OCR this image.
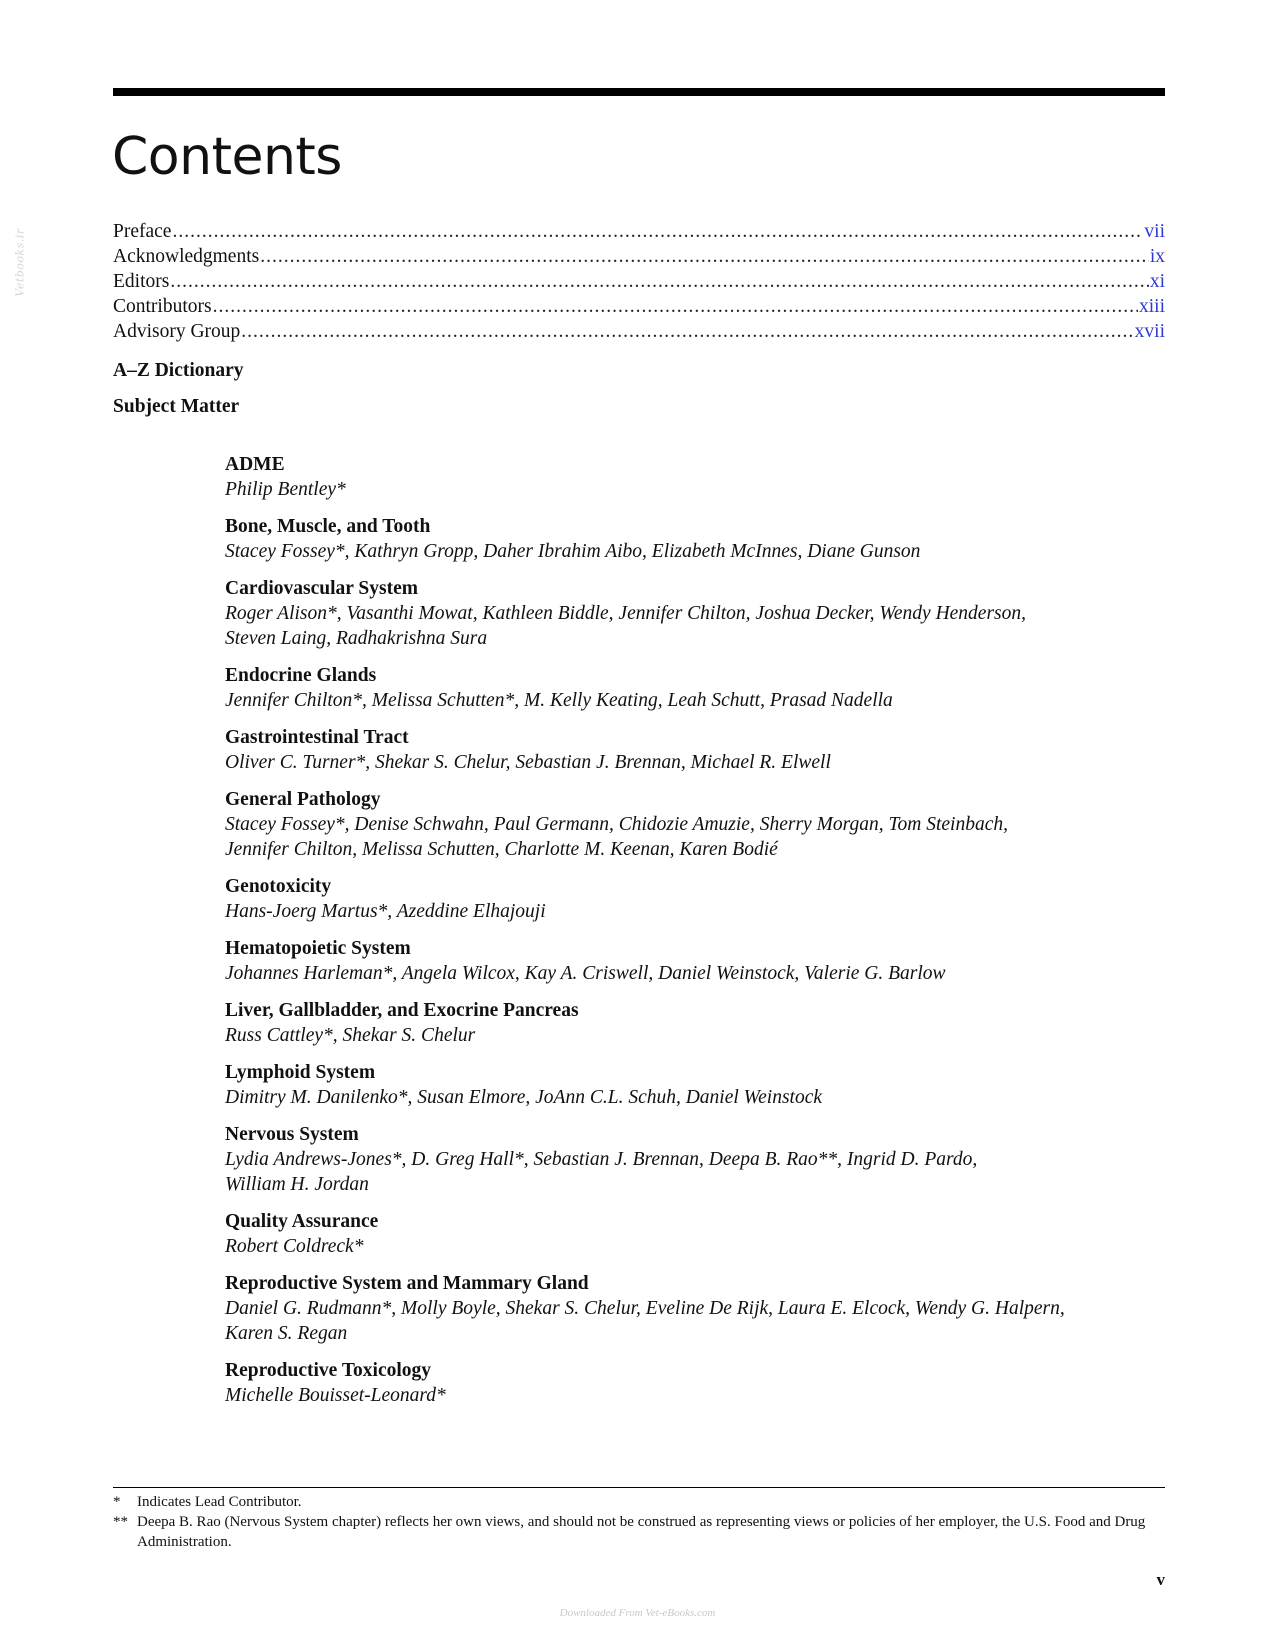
Vetbooks.ir
Contents
Preface .....	vii
Acknowledgments .....	ix
Editors .....	xi
Contributors .....	xiii
Advisory Group .....	xvii
A–Z Dictionary
Subject Matter
ADME
Philip Bentley*
Bone, Muscle, and Tooth
Stacey Fossey*, Kathryn Gropp, Daher Ibrahim Aibo, Elizabeth McInnes, Diane Gunson
Cardiovascular System
Roger Alison*, Vasanthi Mowat, Kathleen Biddle, Jennifer Chilton, Joshua Decker, Wendy Henderson, Steven Laing, Radhakrishna Sura
Endocrine Glands
Jennifer Chilton*, Melissa Schutten*, M. Kelly Keating, Leah Schutt, Prasad Nadella
Gastrointestinal Tract
Oliver C. Turner*, Shekar S. Chelur, Sebastian J. Brennan, Michael R. Elwell
General Pathology
Stacey Fossey*, Denise Schwahn, Paul Germann, Chidozie Amuzie, Sherry Morgan, Tom Steinbach, Jennifer Chilton, Melissa Schutten, Charlotte M. Keenan, Karen Bodié
Genotoxicity
Hans-Joerg Martus*, Azeddine Elhajouji
Hematopoietic System
Johannes Harleman*, Angela Wilcox, Kay A. Criswell, Daniel Weinstock, Valerie G. Barlow
Liver, Gallbladder, and Exocrine Pancreas
Russ Cattley*, Shekar S. Chelur
Lymphoid System
Dimitry M. Danilenko*, Susan Elmore, JoAnn C.L. Schuh, Daniel Weinstock
Nervous System
Lydia Andrews-Jones*, D. Greg Hall*, Sebastian J. Brennan, Deepa B. Rao**, Ingrid D. Pardo, William H. Jordan
Quality Assurance
Robert Coldreck*
Reproductive System and Mammary Gland
Daniel G. Rudmann*, Molly Boyle, Shekar S. Chelur, Eveline De Rijk, Laura E. Elcock, Wendy G. Halpern, Karen S. Regan
Reproductive Toxicology
Michelle Bouisset-Leonard*
*	Indicates Lead Contributor.
** Deepa B. Rao (Nervous System chapter) reflects her own views, and should not be construed as representing views or policies of her employer, the U.S. Food and Drug Administration.
v
Downloaded From Vet-eBooks.com
